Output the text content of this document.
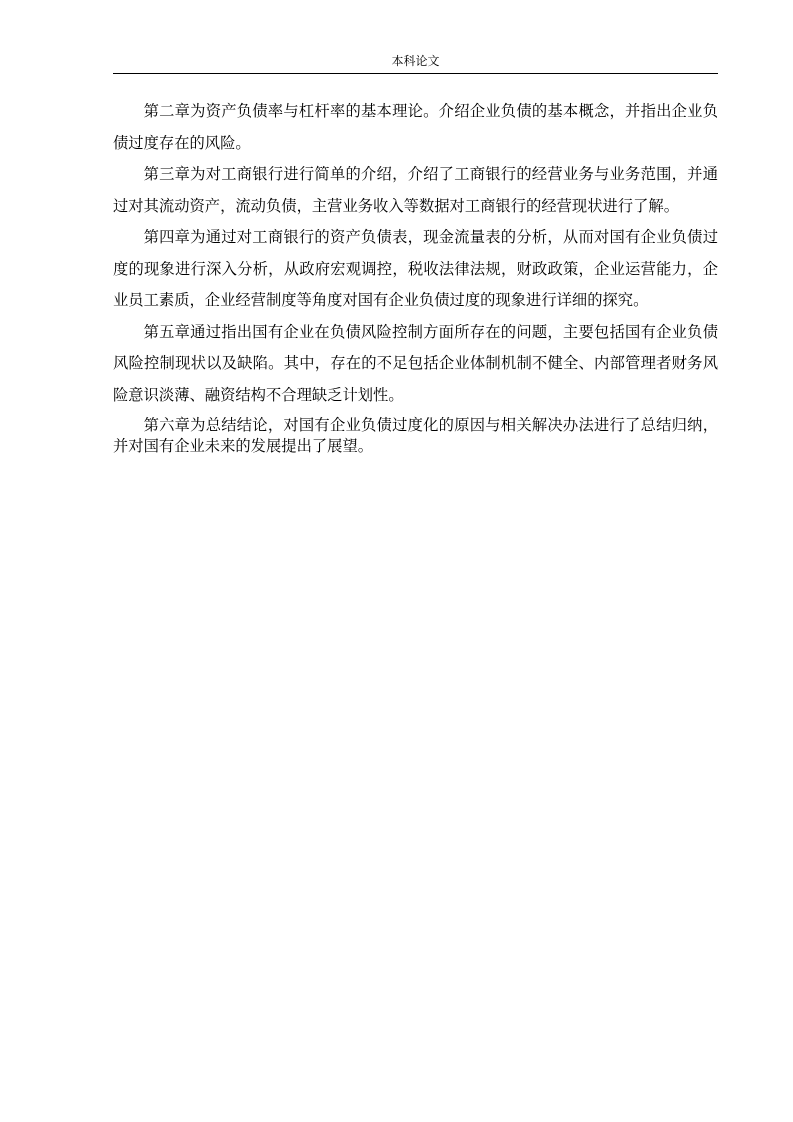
本科论文

第二章为资产负债率与杠杆率的基本理论。介绍企业负债的基本概念，并指出企业负债过度存在的风险。

第三章为对工商银行进行简单的介绍，介绍了工商银行的经营业务与业务范围，并通过对其流动资产，流动负债，主营业务收入等数据对工商银行的经营现状进行了解。

第四章为通过对工商银行的资产负债表，现金流量表的分析，从而对国有企业负债过度的现象进行深入分析，从政府宏观调控，税收法律法规，财政政策，企业运营能力，企业员工素质，企业经营制度等角度对国有企业负债过度的现象进行详细的探究。

第五章通过指出国有企业在负债风险控制方面所存在的问题，主要包括国有企业负债风险控制现状以及缺陷。其中，存在的不足包括企业体制机制不健全、内部管理者财务风险意识淡薄、融资结构不合理缺乏计划性。

第六章为总结结论，对国有企业负债过度化的原因与相关解决办法进行了总结归纳，并对国有企业未来的发展提出了展望。
